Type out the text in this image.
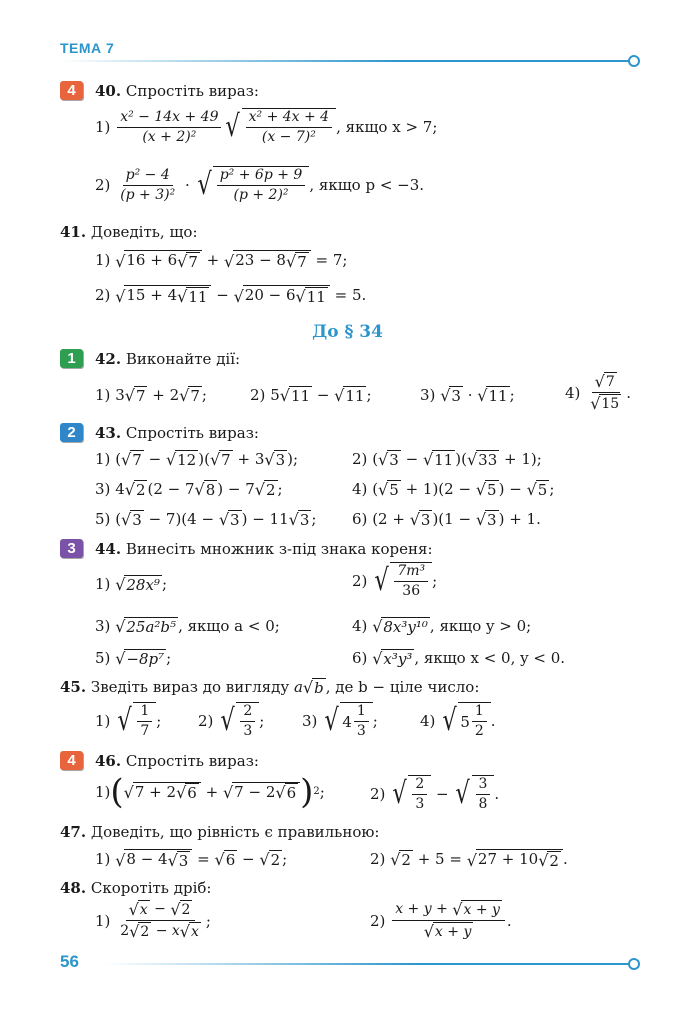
ТЕМА 7
4	40. Спростіть вираз:
1)
$\frac{\text{x² − 14x + 49}}{\text{(x + 2)²}}$ √ $\frac{\text{x² + 4x + 4}}{\text{(x − 7)²}}$ , якщо x > 7;
2)
$\frac{\text{p² − 4}}{\text{(p + 3)²}}$
·
√ $\frac{\text{p² + 6p + 9}}{\text{(p + 2)²}}$ , якщо p < −3.
41. Доведіть, що:
1)
√ 16 + 6 √ 7
+
√ 23 − 8 √ 7
= 7;
2)
√ 15 + 4 √ 11
−
√ 20 − 6 √ 11
= 5.
До § 34
1	42. Виконайте дії:
1)
3 √ 7
+ 2 √ 7 ;	2)
5 √ 11
−
√ 11 ;	3)
√ 3
·
√ 11 ;	4)
$\frac{√ 7}{√ 15}$ .
2	43. Спростіть вираз:
1)
( √ 7
−
√ 12 )( √ 7
+ 3 √ 3 );	2)
( √ 3
−
√ 11 )( √ 33
+ 1);
3)
4 √ 2 (2 − 7 √ 8 ) − 7 √ 2 ;	4)
( √ 5
+ 1)(2 −
√ 5 ) −
√ 5 ;
5)
( √ 3
− 7)(4 −
√ 3 ) − 11 √ 3 ; 6)
(2 +
√ 3 )(1 −
√ 3 ) + 1.
3	44. Винесіть множник з-під знака кореня:
1)
√ 28x⁹ ;	2)
√ $\frac{\text{7m³}}{36}$ ;
3)
√ 25a²b⁵ , якщо a < 0;	4)
√ 8x³y¹⁰ , якщо y > 0;
5)
√ −8p⁷ ;	6)
√ x³y³ , якщо x < 0, y < 0.
45.
Зведіть вираз до вигляду
a √ b , де b − ціле число:
1)
√ $\frac{1}{7}$ ; 2)
√ $\frac{2}{3}$ ;	3)
√ $4 \frac{1}{3}$ ;	4)
√ $5 \frac{1}{2}$ .
4	46. Спростіть вираз:
1) ( √ 7 + 2 √ 6
+
√ 7 − 2 √ 6 ) 2 ;	2)
√ $\frac{2}{3}$
−
√ $\frac{3}{8}$ .
47. Доведіть, що рівність є правильною:
1)
√ 8 − 4 √ 3
=
√ 6
−
√ 2 ;	2)
√ 2
+ 5 =
√ 27 + 10 √ 2 .
48. Скоротіть дріб:
1)
√ x
−
√ 2
2 √ 2
− x √ x ;	2)
x + y +
√ x + y
√ x + y .
56
